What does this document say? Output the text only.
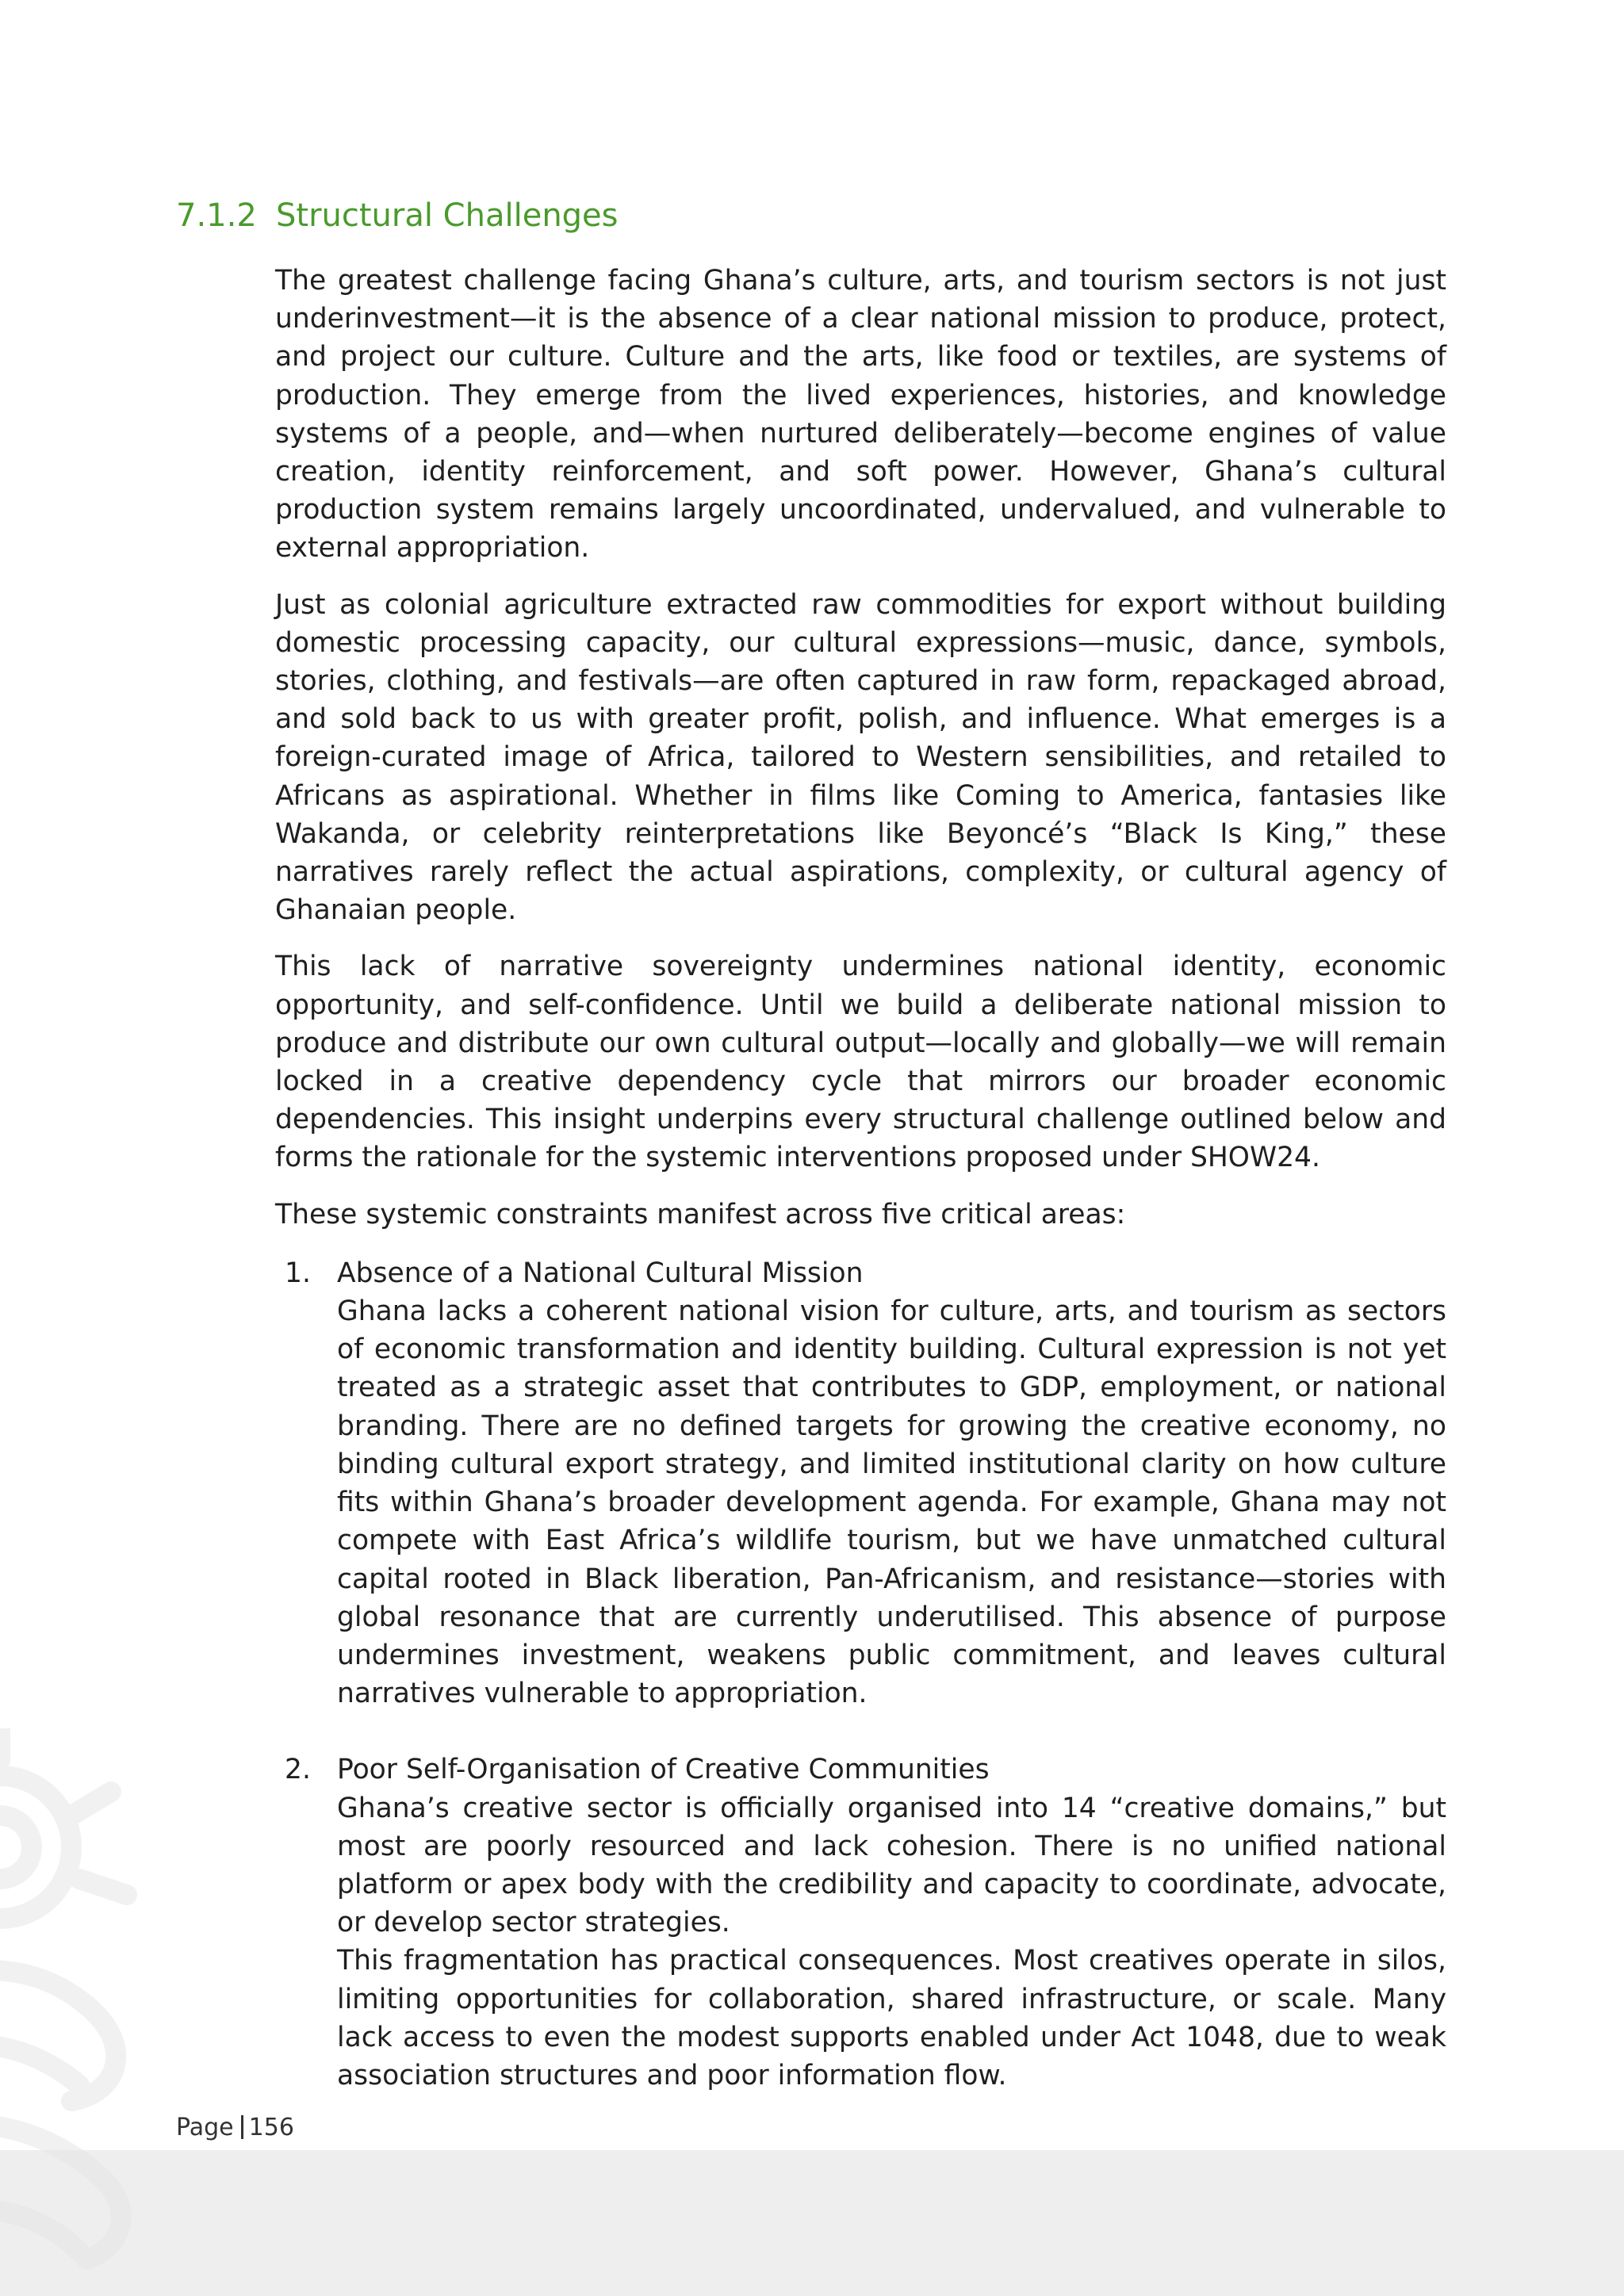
7.1.2 Structural Challenges

The greatest challenge facing Ghana’s culture, arts, and tourism sectors is not just underinvestment—it is the absence of a clear national mission to produce, protect, and project our culture. Culture and the arts, like food or textiles, are systems of production. They emerge from the lived experiences, histories, and knowledge systems of a people, and—when nurtured deliberately—become engines of value creation, identity reinforcement, and soft power. However, Ghana’s cultural production system remains largely uncoordinated, undervalued, and vulnerable to external appropriation.

Just as colonial agriculture extracted raw commodities for export without building domestic processing capacity, our cultural expressions—music, dance, symbols, stories, clothing, and festivals—are often captured in raw form, repackaged abroad, and sold back to us with greater profit, polish, and influence. What emerges is a foreign-curated image of Africa, tailored to Western sensibilities, and retailed to Africans as aspirational. Whether in films like Coming to America, fantasies like Wakanda, or celebrity reinterpretations like Beyoncé’s “Black Is King,” these narratives rarely reflect the actual aspirations, complexity, or cultural agency of Ghanaian people.

This lack of narrative sovereignty undermines national identity, economic opportunity, and self-confidence. Until we build a deliberate national mission to produce and distribute our own cultural output—locally and globally—we will remain locked in a creative dependency cycle that mirrors our broader economic dependencies. This insight underpins every structural challenge outlined below and forms the rationale for the systemic interventions proposed under SHOW24.

These systemic constraints manifest across five critical areas:

1. Absence of a National Cultural Mission
Ghana lacks a coherent national vision for culture, arts, and tourism as sectors of economic transformation and identity building. Cultural expression is not yet treated as a strategic asset that contributes to GDP, employment, or national branding. There are no defined targets for growing the creative economy, no binding cultural export strategy, and limited institutional clarity on how culture fits within Ghana’s broader development agenda. For example, Ghana may not compete with East Africa’s wildlife tourism, but we have unmatched cultural capital rooted in Black liberation, Pan-Africanism, and resistance—stories with global resonance that are currently underutilised. This absence of purpose undermines investment, weakens public commitment, and leaves cultural narratives vulnerable to appropriation.
2. Poor Self-Organisation of Creative Communities
Ghana’s creative sector is officially organised into 14 “creative domains,” but most are poorly resourced and lack cohesion. There is no unified national platform or apex body with the credibility and capacity to coordinate, advocate, or develop sector strategies.
This fragmentation has practical consequences. Most creatives operate in silos, limiting opportunities for collaboration, shared infrastructure, or scale. Many lack access to even the modest supports enabled under Act 1048, due to weak association structures and poor information flow.
Page 156
